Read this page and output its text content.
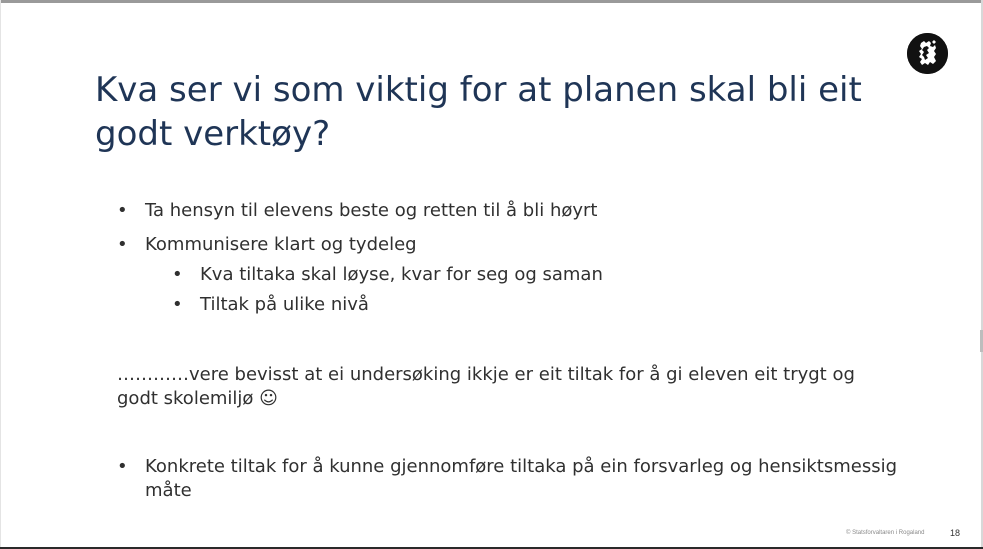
Kva ser vi som viktig for at planen skal bli eit godt verktøy?
• Ta hensyn til elevens beste og retten til å bli høyrt
• Kommunisere klart og tydeleg
• Kva tiltaka skal løyse, kvar for seg og saman
• Tiltak på ulike nivå

…………vere bevisst at ei undersøking ikkje er eit tiltak for å gi eleven eit trygt og godt skolemiljø ☺

• Konkrete tiltak for å kunne gjennomføre tiltaka på ein forsvarleg og hensiktsmessig måte
© Statsforvaltaren i Rogaland	18
